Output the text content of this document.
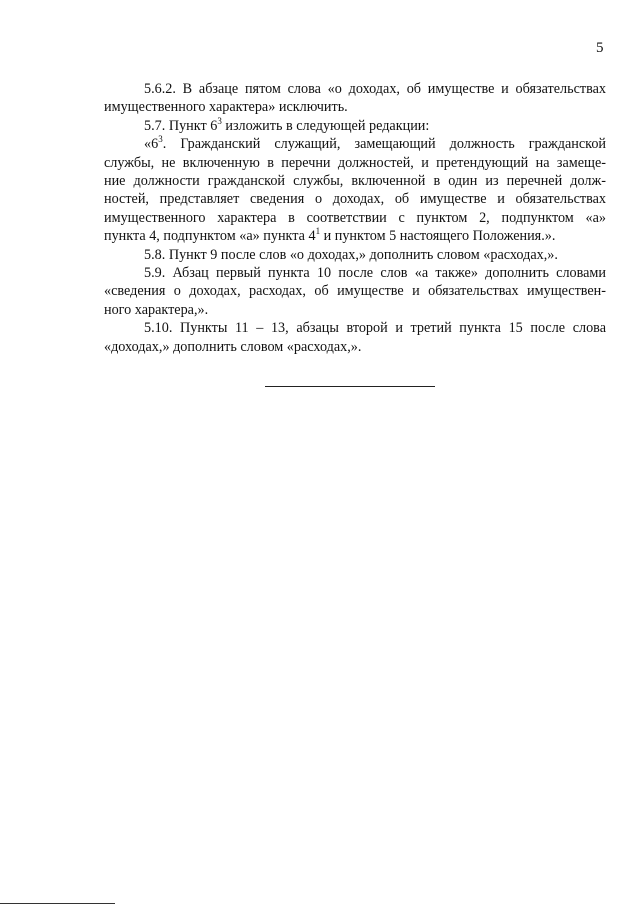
5

5.6.2. В абзаце пятом слова «о доходах, об имуществе и обязательствах
имущественного характера» исключить.

5.7. Пункт $6^3$ изложить в следующей редакции:

«$6^3$. Гражданский служащий, замещающий должность гражданской
службы, не включенную в перечни должностей, и претендующий на замеще-
ние должности гражданской службы, включенной в один из перечней долж-
ностей, представляет сведения о доходах, об имуществе и обязательствах
имущественного характера в соответствии с пунктом 2, подпунктом «а»
пункта 4, подпунктом «а» пункта $4^1$ и пунктом 5 настоящего Положения.».

5.8. Пункт 9 после слов «о доходах,» дополнить словом «расходах,».

5.9. Абзац первый пункта 10 после слов «а также» дополнить словами
«сведения о доходах, расходах, об имуществе и обязательствах имуществен-
ного характера,».

5.10. Пункты 11 – 13, абзацы второй и третий пункта 15 после слова
«доходах,» дополнить словом «расходах,».
